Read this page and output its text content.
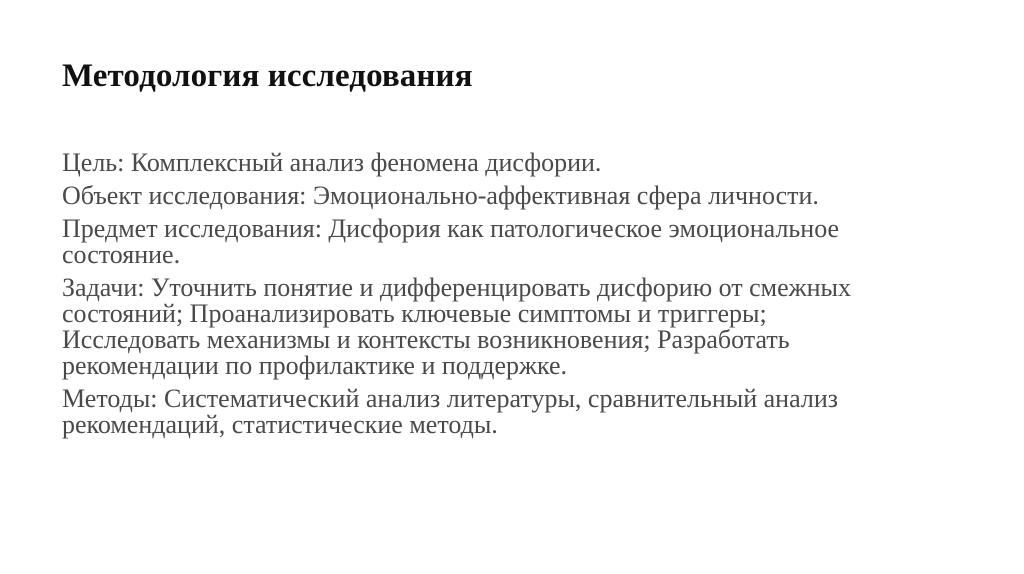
Методология исследования
Цель: Комплексный анализ феномена дисфории.
Объект исследования: Эмоционально-аффективная сфера личности.
Предмет исследования: Дисфория как патологическое эмоциональное состояние.
Задачи: Уточнить понятие и дифференцировать дисфорию от смежных состояний; Проанализировать ключевые симптомы и триггеры; Исследовать механизмы и контексты возникновения; Разработать рекомендации по профилактике и поддержке.
Методы: Систематический анализ литературы, сравнительный анализ рекомендаций, статистические методы.
